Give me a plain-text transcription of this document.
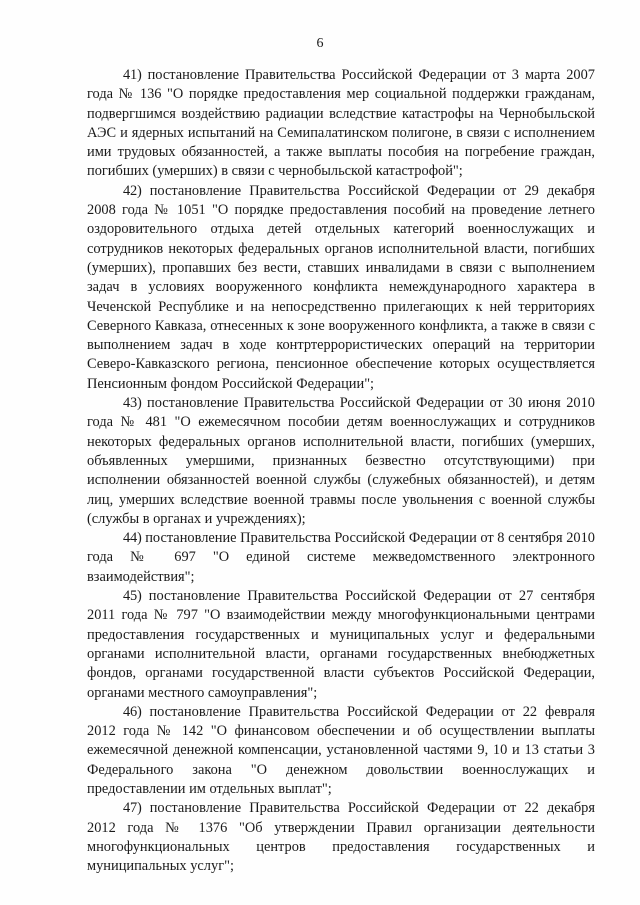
6

41) постановление Правительства Российской Федерации от 3 марта 2007 года № 136 "О порядке предоставления мер социальной поддержки гражданам, подвергшимся воздействию радиации вследствие катастрофы на Чернобыльской АЭС и ядерных испытаний на Семипалатинском полигоне, в связи с исполнением ими трудовых обязанностей, а также выплаты пособия на погребение граждан, погибших (умерших) в связи с чернобыльской катастрофой";

42) постановление Правительства Российской Федерации от 29 декабря 2008 года № 1051 "О порядке предоставления пособий на проведение летнего оздоровительного отдыха детей отдельных категорий военнослужащих и сотрудников некоторых федеральных органов исполнительной власти, погибших (умерших), пропавших без вести, ставших инвалидами в связи с выполнением задач в условиях вооруженного конфликта немеждународного характера в Чеченской Республике и на непосредственно прилегающих к ней территориях Северного Кавказа, отнесенных к зоне вооруженного конфликта, а также в связи с выполнением задач в ходе контртеррористических операций на территории Северо-Кавказского региона, пенсионное обеспечение которых осуществляется Пенсионным фондом Российской Федерации";

43) постановление Правительства Российской Федерации от 30 июня 2010 года № 481 "О ежемесячном пособии детям военнослужащих и сотрудников некоторых федеральных органов исполнительной власти, погибших (умерших, объявленных умершими, признанных безвестно отсутствующими) при исполнении обязанностей военной службы (служебных обязанностей), и детям лиц, умерших вследствие военной травмы после увольнения с военной службы (службы в органах и учреждениях);

44) постановление Правительства Российской Федерации от 8 сентября 2010 года № 697 "О единой системе межведомственного электронного взаимодействия";

45) постановление Правительства Российской Федерации от 27 сентября 2011 года № 797 "О взаимодействии между многофункциональными центрами предоставления государственных и муниципальных услуг и федеральными органами исполнительной власти, органами государственных внебюджетных фондов, органами государственной власти субъектов Российской Федерации, органами местного самоуправления";

46) постановление Правительства Российской Федерации от 22 февраля 2012 года № 142 "О финансовом обеспечении и об осуществлении выплаты ежемесячной денежной компенсации, установленной частями 9, 10 и 13 статьи 3 Федерального закона "О денежном довольствии военнослужащих и предоставлении им отдельных выплат";

47) постановление Правительства Российской Федерации от 22 декабря 2012 года № 1376 "Об утверждении Правил организации деятельности многофункциональных центров предоставления государственных и муниципальных услуг";
